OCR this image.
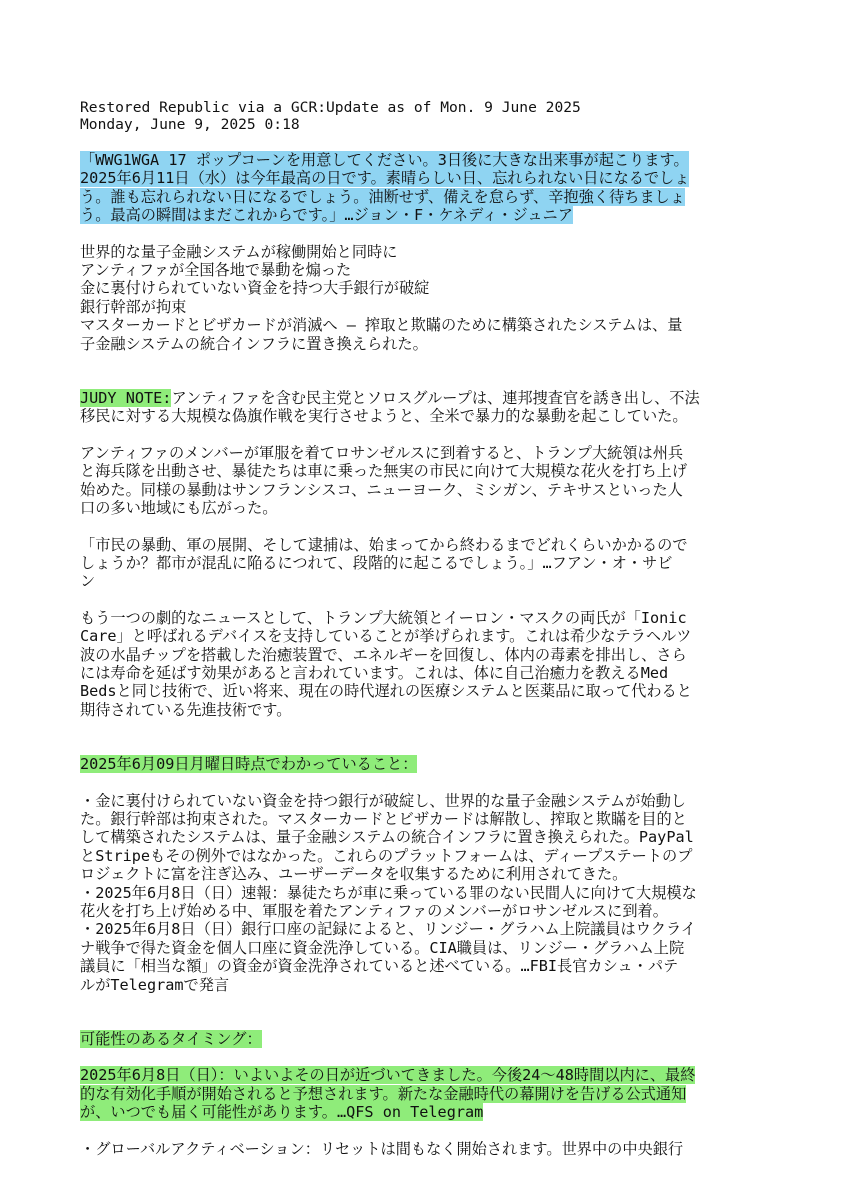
Restored Republic via a GCR:Update as of Mon. 9 June 2025
Monday, June 9, 2025 0:18
「WWG1WGA 17 ポップコーンを用意してください。3日後に大きな出来事が起こります。
2025年6月11日（水）は今年最高の日です。素晴らしい日、忘れられない日になるでしょ
う。誰も忘れられない日になるでしょう。油断せず、備えを怠らず、辛抱強く待ちましょ
う。最高の瞬間はまだこれからです。」…ジョン・F・ケネディ・ジュニア
世界的な量子金融システムが稼働開始と同時に
アンティファが全国各地で暴動を煽った
金に裏付けられていない資金を持つ大手銀行が破綻
銀行幹部が拘束
マスターカードとビザカードが消滅へ ― 搾取と欺瞞のために構築されたシステムは、量
子金融システムの統合インフラに置き換えられた。
JUDY NOTE:アンティファを含む民主党とソロスグループは、連邦捜査官を誘き出し、不法
移民に対する大規模な偽旗作戦を実行させようと、全米で暴力的な暴動を起こしていた。
アンティファのメンバーが軍服を着てロサンゼルスに到着すると、トランプ大統領は州兵
と海兵隊を出動させ、暴徒たちは車に乗った無実の市民に向けて大規模な花火を打ち上げ
始めた。同様の暴動はサンフランシスコ、ニューヨーク、ミシガン、テキサスといった人
口の多い地域にも広がった。
「市民の暴動、軍の展開、そして逮捕は、始まってから終わるまでどれくらいかかるので
しょうか？都市が混乱に陥るにつれて、段階的に起こるでしょう。」…フアン・オ・サビ
ン
もう一つの劇的なニュースとして、トランプ大統領とイーロン・マスクの両氏が「Ionic
Care」と呼ばれるデバイスを支持していることが挙げられます。これは希少なテラヘルツ
波の水晶チップを搭載した治癒装置で、エネルギーを回復し、体内の毒素を排出し、さら
には寿命を延ばす効果があると言われています。これは、体に自己治癒力を教えるMed
Bedsと同じ技術で、近い将来、現在の時代遅れの医療システムと医薬品に取って代わると
期待されている先進技術です。
2025年6月09日月曜日時点でわかっていること：
・金に裏付けられていない資金を持つ銀行が破綻し、世界的な量子金融システムが始動し
た。銀行幹部は拘束された。マスターカードとビザカードは解散し、搾取と欺瞞を目的と
して構築されたシステムは、量子金融システムの統合インフラに置き換えられた。PayPal
とStripeもその例外ではなかった。これらのプラットフォームは、ディープステートのプ
ロジェクトに富を注ぎ込み、ユーザーデータを収集するために利用されてきた。
・2025年6月8日（日）速報：暴徒たちが車に乗っている罪のない民間人に向けて大規模な
花火を打ち上げ始める中、軍服を着たアンティファのメンバーがロサンゼルスに到着。
・2025年6月8日（日）銀行口座の記録によると、リンジー・グラハム上院議員はウクライ
ナ戦争で得た資金を個人口座に資金洗浄している。CIA職員は、リンジー・グラハム上院
議員に「相当な額」の資金が資金洗浄されていると述べている。…FBI長官カシュ・パテ
ルがTelegramで発言
可能性のあるタイミング：
2025年6月8日（日）：いよいよその日が近づいてきました。今後24～48時間以内に、最終
的な有効化手順が開始されると予想されます。新たな金融時代の幕開けを告げる公式通知
が、いつでも届く可能性があります。…QFS on Telegram
・グローバルアクティベーション：リセットは間もなく開始されます。世界中の中央銀行
